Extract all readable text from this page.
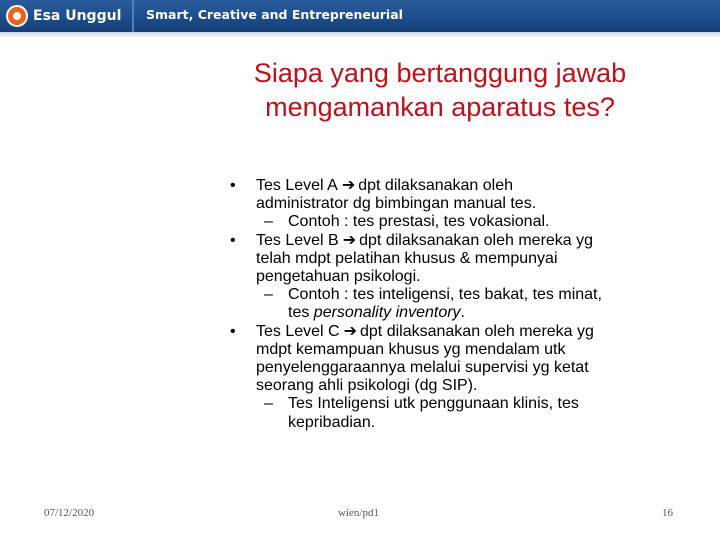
Esa Unggul Smart, Creative and Entrepreneurial
Siapa yang bertanggung jawab
mengamankan aparatus tes?
• Tes Level A ➔ dpt dilaksanakan oleh
administrator dg bimbingan manual tes.
– Contoh : tes prestasi, tes vokasional.
• Tes Level B ➔ dpt dilaksanakan oleh mereka yg
telah mdpt pelatihan khusus & mempunyai
pengetahuan psikologi.
– Contoh : tes inteligensi, tes bakat, tes minat,
tes personality inventory.
• Tes Level C ➔ dpt dilaksanakan oleh mereka yg
mdpt kemampuan khusus yg mendalam utk
penyelenggaraannya melalui supervisi yg ketat
seorang ahli psikologi (dg SIP).
– Tes Inteligensi utk penggunaan klinis, tes
kepribadian.
07/12/2020	wien/pd1	16
